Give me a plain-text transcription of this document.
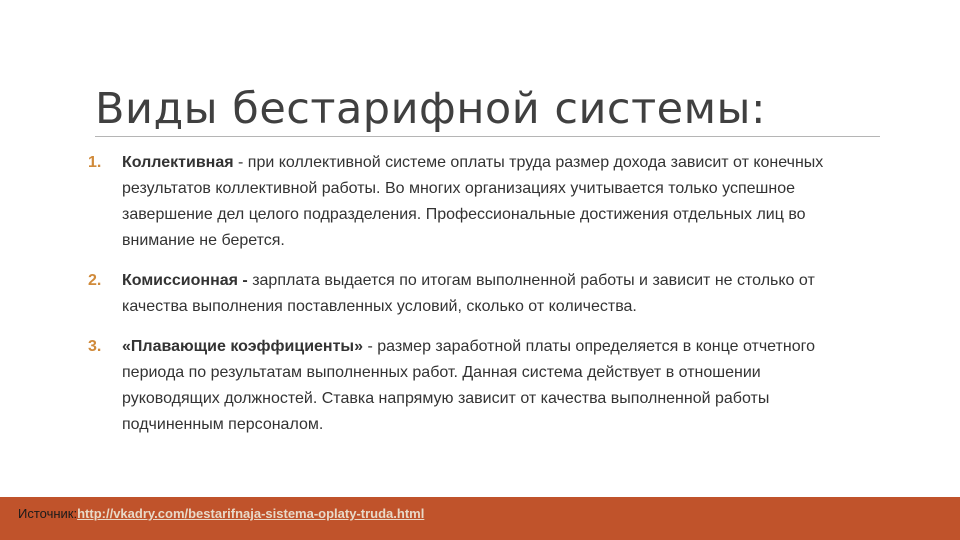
Виды бестарифной системы:
1. Коллективная - при коллективной системе оплаты труда размер дохода зависит от конечных результатов коллективной работы. Во многих организациях учитывается только успешное завершение дел целого подразделения. Профессиональные достижения отдельных лиц во внимание не берется.
2. Комиссионная - зарплата выдается по итогам выполненной работы и зависит не столько от качества выполнения поставленных условий, сколько от количества.
3. «Плавающие коэффициенты» - размер заработной платы определяется в конце отчетного периода по результатам выполненных работ. Данная система действует в отношении руководящих должностей. Ставка напрямую зависит от качества выполненной работы подчиненным персоналом.
Источник:http://vkadry.com/bestarifnaja-sistema-oplaty-truda.html
